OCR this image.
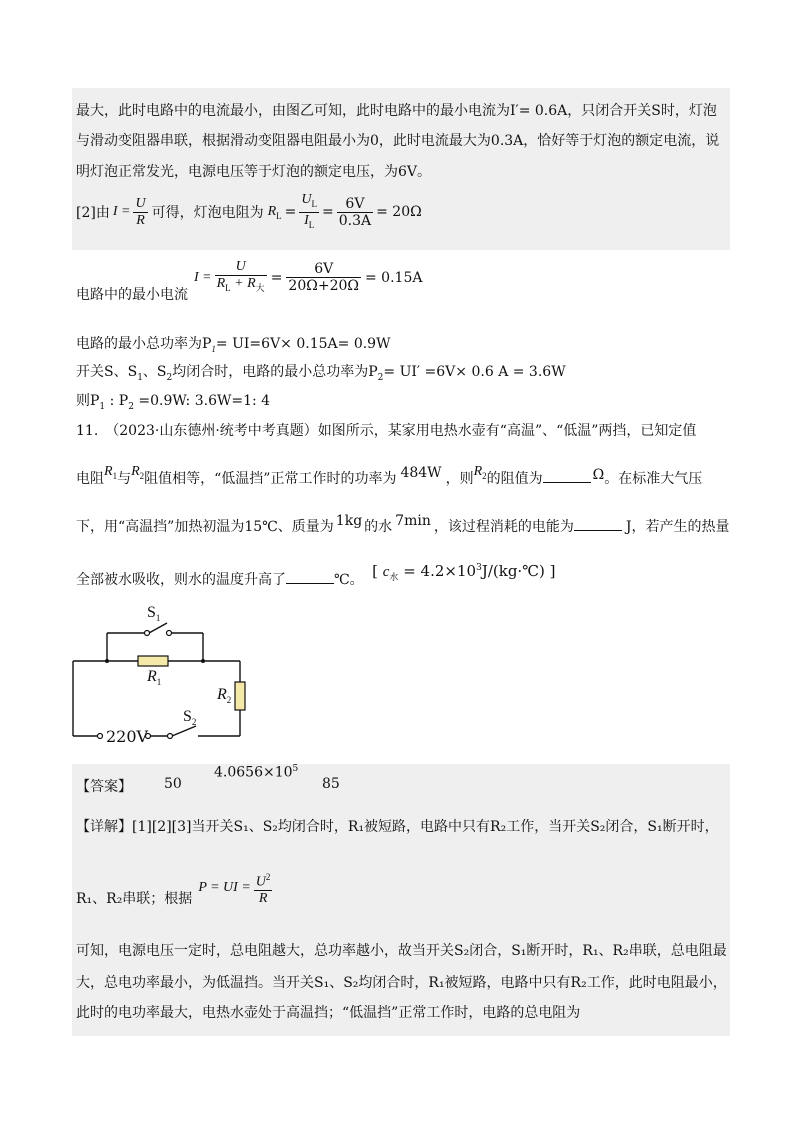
最大，此时电路中的电流最小，由图乙可知，此时电路中的最小电流为I′= 0.6A，只闭合开关S时，灯泡
与滑动变阻器串联，根据滑动变阻器电阻最小为0，此时电流最大为0.3A，恰好等于灯泡的额定电流，说
明灯泡正常发光，电源电压等于灯泡的额定电压，为6V。
[2]由 $I = \frac{U}{R}$ 可得，灯泡电阻为 $R_L = \frac{U_L}{I_L} = \frac{6V}{0.3A} = 20\Omega$
电路中的最小电流
$I = \frac{U}{R_L + R_大} = \frac{6V}{20\Omega+20\Omega} = 0.15A$
电路的最小总功率为$P_1= UI=6V\times 0.15A= 0.9W$
开关S、$S_1$、$S_2$均闭合时，电路的最小总功率为$P_2= UI' =6V\times 0.6$ A = 3.6W
则$P_1$ : $P_2 =0.9W$: 3.6W=1: 4
11.　（2023·山东德州·统考中考真题）如图所示，某家用电热水壶有“高温”、“低温”两挡，已知定值
电阻$R_1$与$R_2$阻值相等，“低温挡”正常工作时的功率为 484W ，则$R_2$的阻值为	Ω。在标准大气压
下，用“高温挡”加热初温为15℃、质量为 1kg 的水 7min ，该过程消耗的电能为	J，若产生的热量
全部被水吸收，则水的温度升高了	℃。 [ $c_水$ = $4.2\times 10^3J/(kg\cdot℃)$ ]
$S_1$
$R_1$
$R_2$
$S_2$
220V
【答案】 50
$4.0656\times 10^5$
85
【详解】[1][2][3]当开关S₁、S₂均闭合时，R₁被短路，电路中只有R₂工作，当开关S₂闭合，S₁断开时，
R₁、R₂串联；根据
P = UI = $\frac{U^2}{R}$
可知，电源电压一定时，总电阻越大，总功率越小，故当开关S₂闭合，S₁断开时，R₁、R₂串联，总电阻最
大，总电功率最小，为低温挡。当开关S₁、S₂均闭合时，R₁被短路，电路中只有R₂工作，此时电阻最小，
此时的电功率最大，电热水壶处于高温挡；“低温挡”正常工作时，电路的总电阻为
